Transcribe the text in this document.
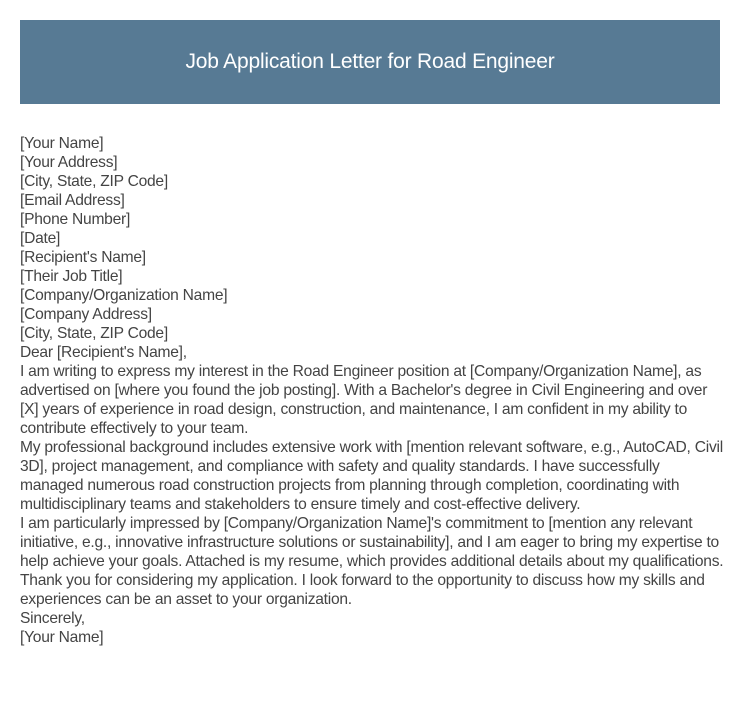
Job Application Letter for Road Engineer

[Your Name]

[Your Address]

[City, State, ZIP Code]

[Email Address]

[Phone Number]

[Date]

[Recipient's Name]

[Their Job Title]

[Company/Organization Name]

[Company Address]

[City, State, ZIP Code]

Dear [Recipient's Name],

I am writing to express my interest in the Road Engineer position at [Company/Organization Name], as advertised on [where you found the job posting]. With a Bachelor's degree in Civil Engineering and over [X] years of experience in road design, construction, and maintenance, I am confident in my ability to contribute effectively to your team.

My professional background includes extensive work with [mention relevant software, e.g., AutoCAD, Civil 3D], project management, and compliance with safety and quality standards. I have successfully managed numerous road construction projects from planning through completion, coordinating with multidisciplinary teams and stakeholders to ensure timely and cost-effective delivery.

I am particularly impressed by [Company/Organization Name]'s commitment to [mention any relevant initiative, e.g., innovative infrastructure solutions or sustainability], and I am eager to bring my expertise to help achieve your goals. Attached is my resume, which provides additional details about my qualifications.

Thank you for considering my application. I look forward to the opportunity to discuss how my skills and experiences can be an asset to your organization.

Sincerely,

[Your Name]
